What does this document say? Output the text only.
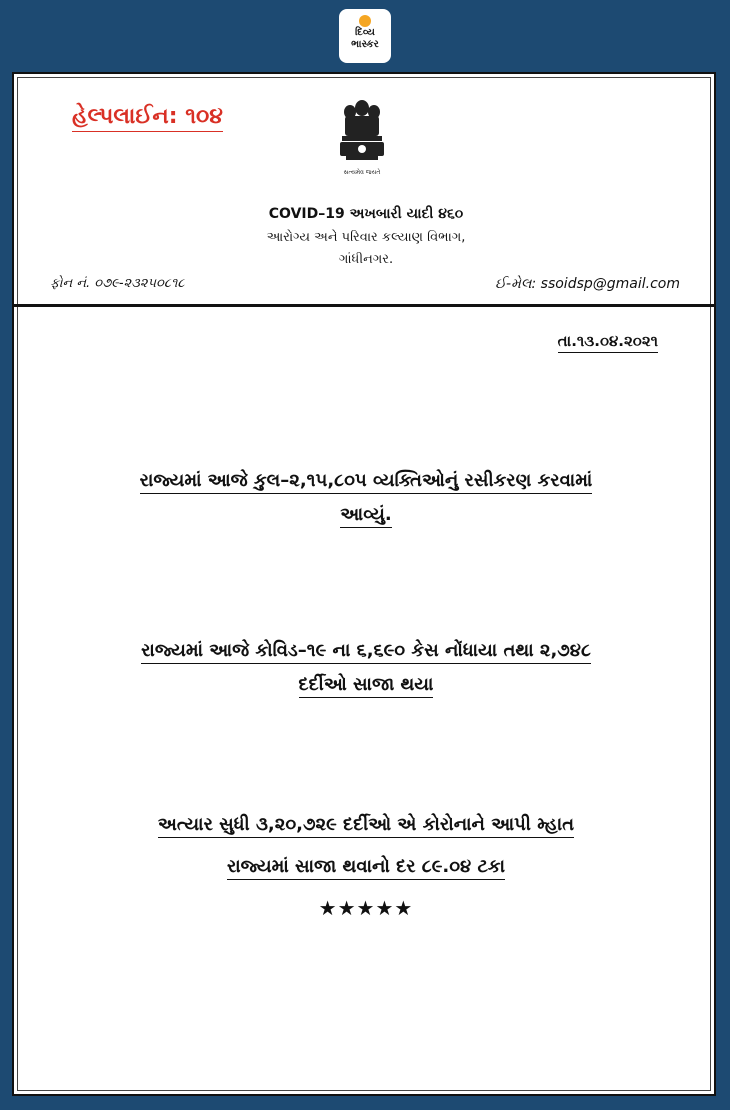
દિવ્ય
ભાસ્કર
હેલ્પલાઈન: ૧૦૪
સત્યમેવ જયતે
COVID–19 અખબારી યાદી ૪૬૦
આરોગ્ય અને પરિવાર કલ્યાણ વિભાગ,
ગાંધીનગર.
ફોન નં. ૦૭૯-૨૩૨૫૦૮૧૮	ઈ-મેલ: ssoidsp@gmail.com
તા.૧૩.૦૪.૨૦૨૧
રાજ્યમાં આજે કુલ–૨,૧૫,૮૦૫ વ્યક્તિઓનું રસીકરણ કરવામાં
આવ્યું.
રાજ્યમાં આજે કોવિડ–૧૯ ના ૬,૬૯૦ કેસ નોંધાયા તથા ૨,૭૪૮
દર્દીઓ સાજા થયા
અત્યાર સુધી ૩,૨૦,૭૨૯ દર્દીઓ એ કોરોનાને આપી મ્હાત
રાજ્યમાં સાજા થવાનો દર ૮૯.૦૪ ટકા
★★★★★
